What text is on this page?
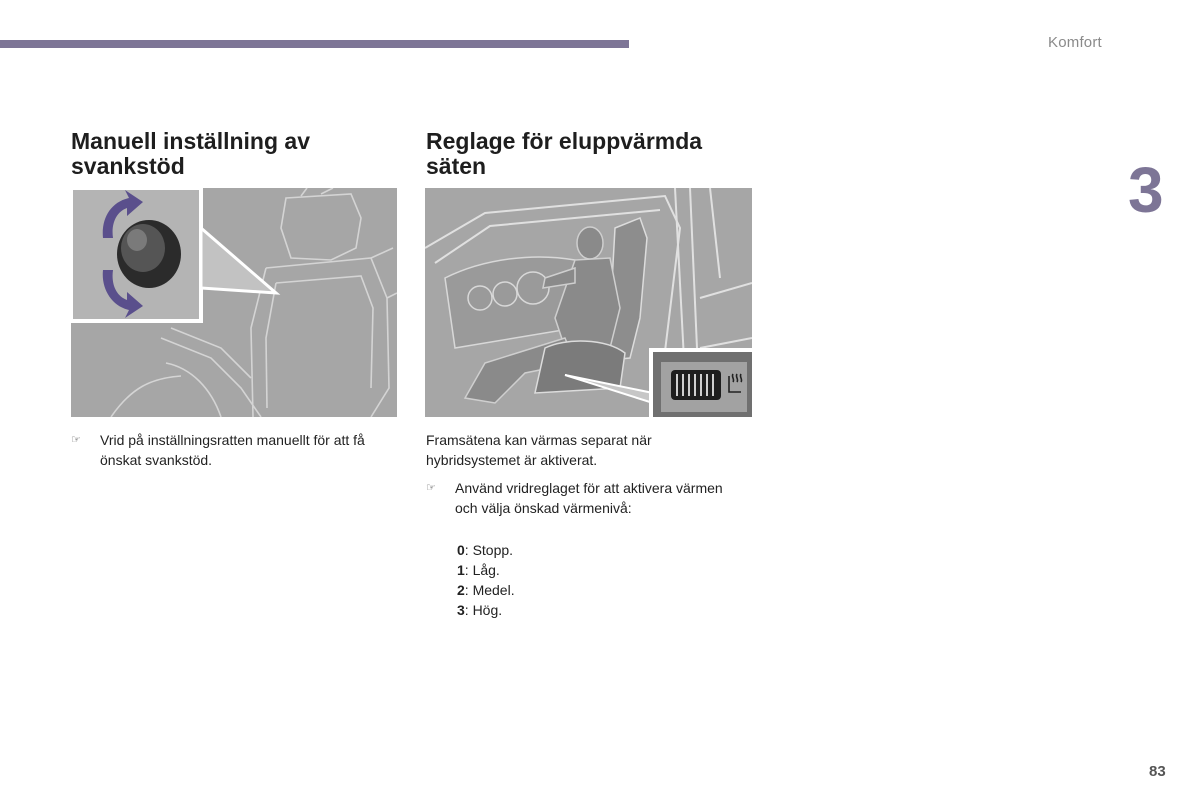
Komfort
3
Manuell inställning av svankstöd
☞	Vrid på inställningsratten manuellt för att få önskat svankstöd.
Reglage för eluppvärmda säten

Framsätena kan värmas separat när hybridsystemet är aktiverat.

☞	Använd vridreglaget för att aktivera värmen och välja önskad värmenivå:
0: Stopp.
1: Låg.
2: Medel.
3: Hög.
83
